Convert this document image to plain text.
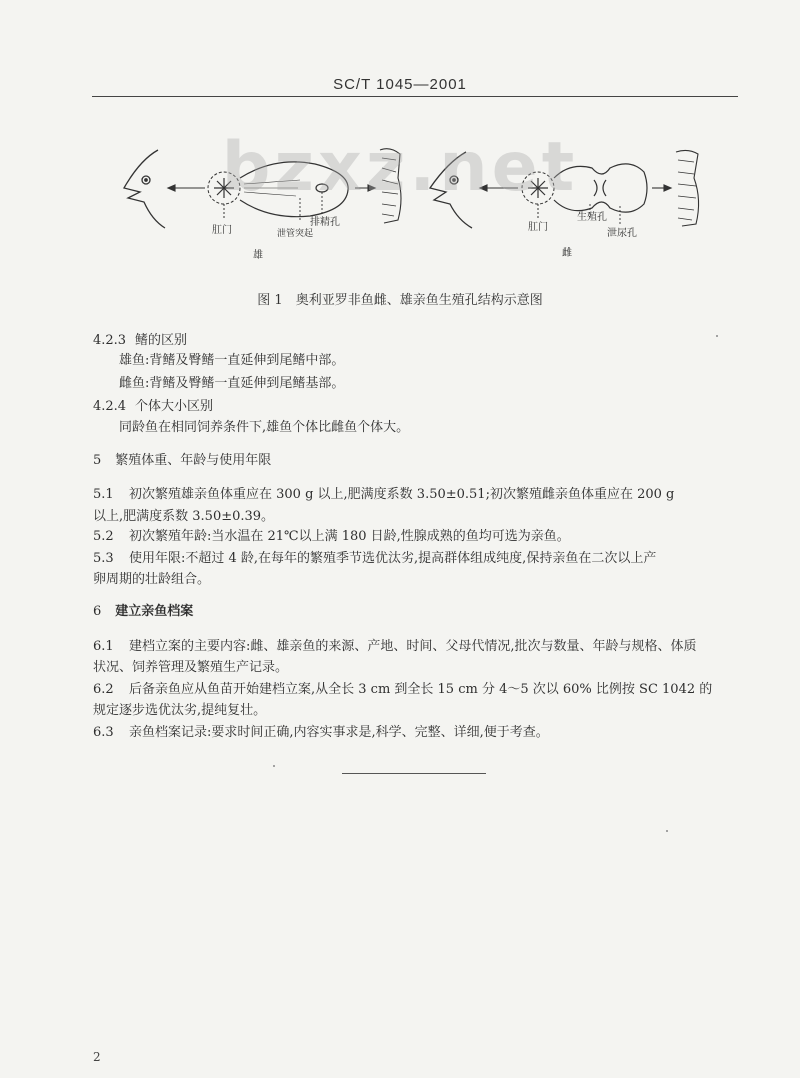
SC/T 1045—2001
肛门	泄管突起
排精孔
雄
肛门
生殖孔
泄尿孔
雌
bzxz.net
图 1　奥利亚罗非鱼雌、雄亲鱼生殖孔结构示意图
4.2.3 鳍的区别
雄鱼:背鳍及臀鳍一直延伸到尾鳍中部。
雌鱼:背鳍及臀鳍一直延伸到尾鳍基部。
4.2.4 个体大小区别
同龄鱼在相同饲养条件下,雄鱼个体比雌鱼个体大。
5 繁殖体重、年龄与使用年限
5.1 初次繁殖雄亲鱼体重应在 300 g 以上,肥满度系数 3.50±0.51;初次繁殖雌亲鱼体重应在 200 g
以上,肥满度系数 3.50±0.39。
5.2 初次繁殖年龄:当水温在 21℃以上满 180 日龄,性腺成熟的鱼均可选为亲鱼。
5.3 使用年限:不超过 4 龄,在每年的繁殖季节选优汰劣,提高群体组成纯度,保持亲鱼在二次以上产
卵周期的壮龄组合。
6 建立亲鱼档案
6.1 建档立案的主要内容:雌、雄亲鱼的来源、产地、时间、父母代情况,批次与数量、年龄与规格、体质
状况、饲养管理及繁殖生产记录。
6.2 后备亲鱼应从鱼苗开始建档立案,从全长 3 cm 到全长 15 cm 分 4～5 次以 60% 比例按 SC 1042 的
规定逐步选优汰劣,提纯复壮。
6.3 亲鱼档案记录:要求时间正确,内容实事求是,科学、完整、详细,便于考查。
2
